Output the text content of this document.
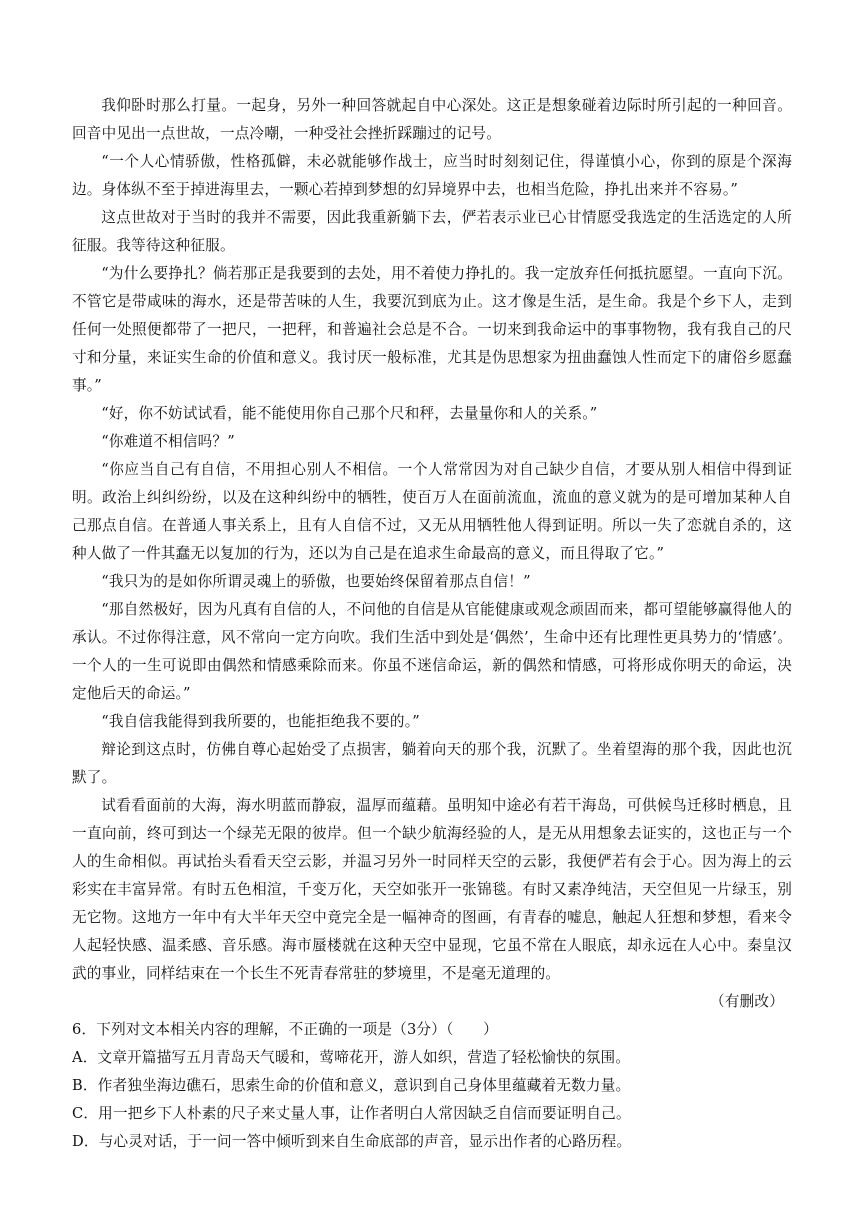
我仰卧时那么打量。一起身，另外一种回答就起自中心深处。这正是想象碰着边际时所引起的一种回音。回音中见出一点世故，一点冷嘲，一种受社会挫折踩蹦过的记号。

“一个人心情骄傲，性格孤僻，未必就能够作战士，应当时时刻刻记住，得谨慎小心，你到的原是个深海边。身体纵不至于掉进海里去，一颗心若掉到梦想的幻异境界中去，也相当危险，挣扎出来并不容易。”

这点世故对于当时的我并不需要，因此我重新躺下去，俨若表示业已心甘情愿受我选定的生活选定的人所征服。我等待这种征服。

“为什么要挣扎？倘若那正是我要到的去处，用不着使力挣扎的。我一定放弃任何抵抗愿望。一直向下沉。不管它是带咸味的海水，还是带苦味的人生，我要沉到底为止。这才像是生活，是生命。我是个乡下人，走到任何一处照便都带了一把尺，一把秤，和普遍社会总是不合。一切来到我命运中的事事物物，我有我自己的尺寸和分量，来证实生命的价值和意义。我讨厌一般标准，尤其是伪思想家为扭曲蠢蚀人性而定下的庸俗乡愿蠢事。”

“好，你不妨试试看，能不能使用你自己那个尺和秤，去量量你和人的关系。”

“你难道不相信吗？”

“你应当自己有自信，不用担心别人不相信。一个人常常因为对自己缺少自信，才要从别人相信中得到证明。政治上纠纠纷纷，以及在这种纠纷中的牺牲，使百万人在面前流血，流血的意义就为的是可增加某种人自己那点自信。在普通人事关系上，且有人自信不过，又无从用牺牲他人得到证明。所以一失了恋就自杀的，这种人做了一件其蠢无以复加的行为，还以为自己是在追求生命最高的意义，而且得取了它。”

“我只为的是如你所谓灵魂上的骄傲，也要始终保留着那点自信！”

“那自然极好，因为凡真有自信的人，不问他的自信是从官能健康或观念顽固而来，都可望能够赢得他人的承认。不过你得注意，风不常向一定方向吹。我们生活中到处是‘偶然’，生命中还有比理性更具势力的‘情感’。一个人的一生可说即由偶然和情感乘除而来。你虽不迷信命运，新的偶然和情感，可将形成你明天的命运，决定他后天的命运。”

“我自信我能得到我所要的，也能拒绝我不要的。”

辩论到这点时，仿佛自尊心起始受了点损害，躺着向天的那个我，沉默了。坐着望海的那个我，因此也沉默了。

试看看面前的大海，海水明蓝而静寂，温厚而蕴藉。虽明知中途必有若干海岛，可供候鸟迁移时栖息，且一直向前，终可到达一个绿芜无限的彼岸。但一个缺少航海经验的人，是无从用想象去证实的，这也正与一个人的生命相似。再试抬头看看天空云影，并温习另外一时同样天空的云影，我便俨若有会于心。因为海上的云彩实在丰富异常。有时五色相渲，千变万化，天空如张开一张锦毯。有时又素净纯洁，天空但见一片绿玉，别无它物。这地方一年中有大半年天空中竟完全是一幅神奇的图画，有青春的嘘息，触起人狂想和梦想，看来令人起轻快感、温柔感、音乐感。海市蜃楼就在这种天空中显现，它虽不常在人眼底，却永远在人心中。秦皇汉武的事业，同样结束在一个长生不死青春常驻的梦境里，不是毫无道理的。

（有删改）

6．下列对文本相关内容的理解，不正确的一项是（3分）（　　）

A．文章开篇描写五月青岛天气暖和，莺啼花开，游人如织，营造了轻松愉快的氛围。

B．作者独坐海边礁石，思索生命的价值和意义，意识到自己身体里蕴藏着无数力量。

C．用一把乡下人朴素的尺子来丈量人事，让作者明白人常因缺乏自信而要证明自己。

D．与心灵对话，于一问一答中倾听到来自生命底部的声音，显示出作者的心路历程。
